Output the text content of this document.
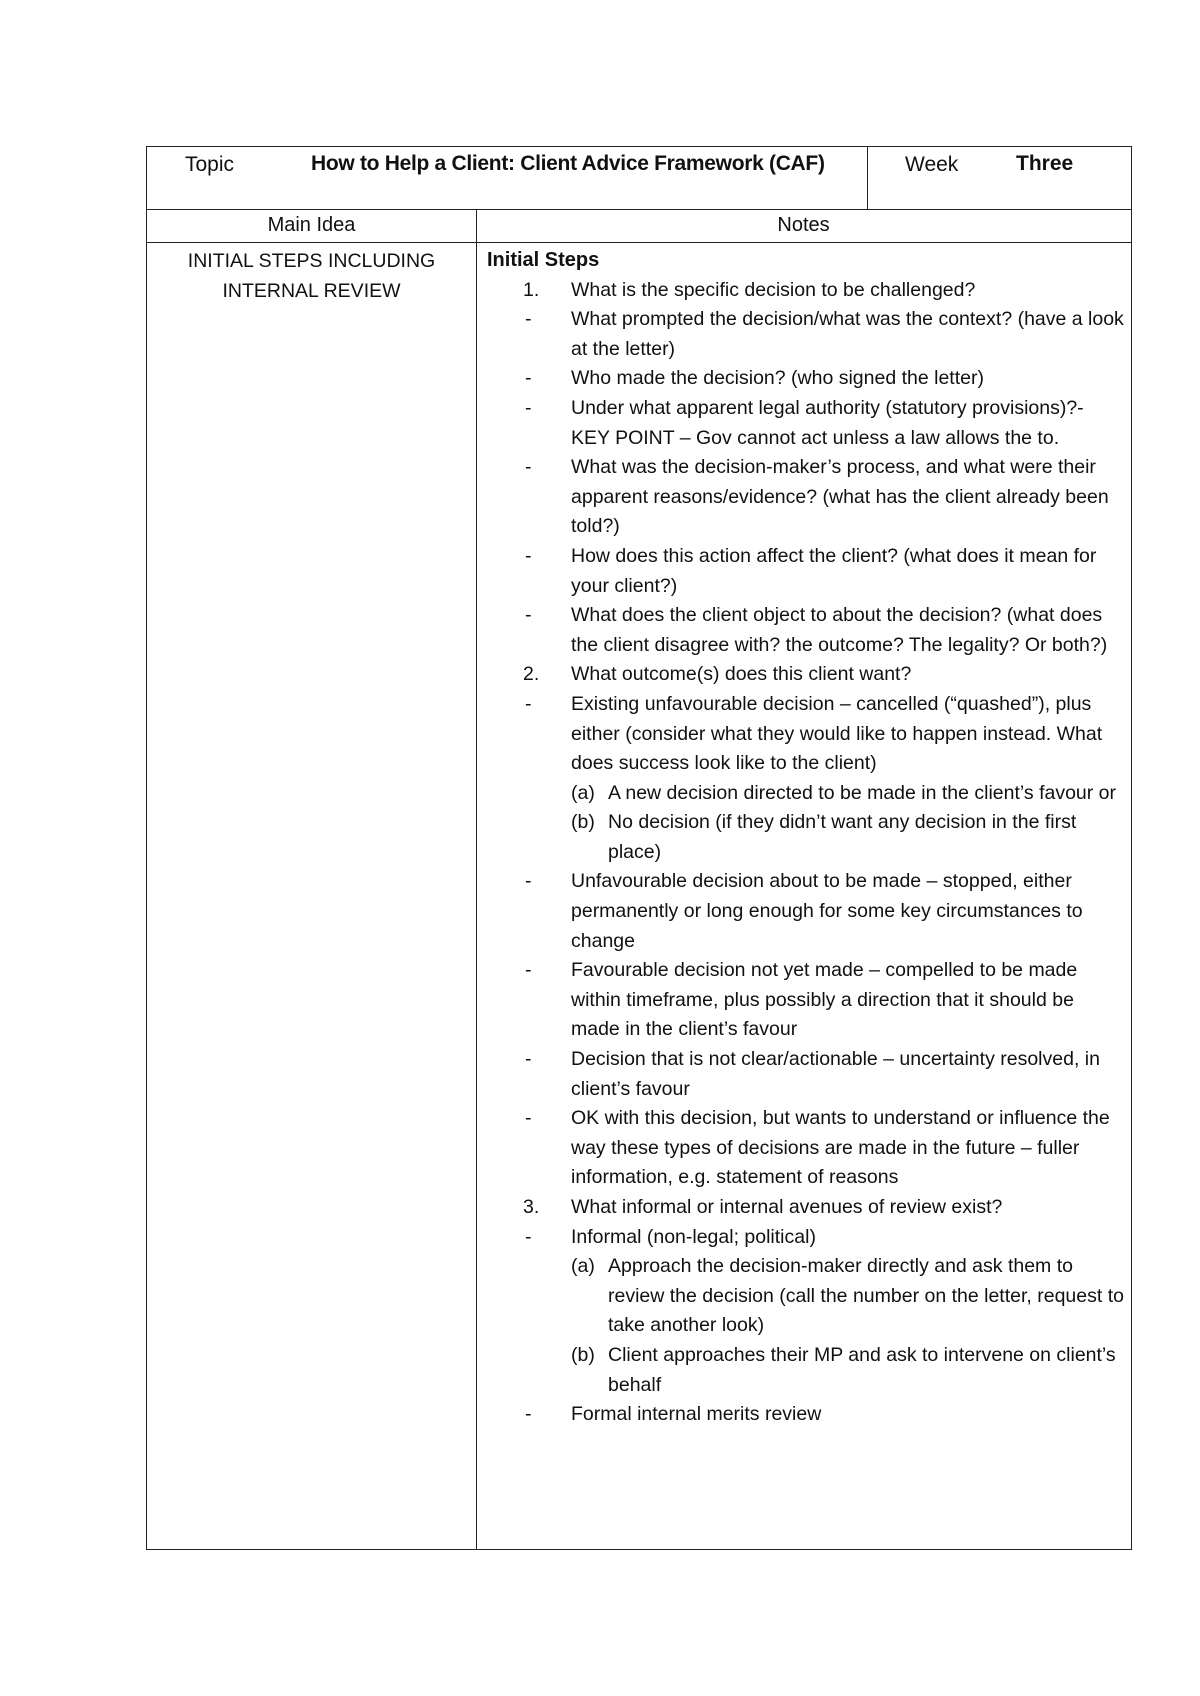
Topic	How to Help a Client: Client Advice Framework (CAF)	Week	Three
Main Idea	Notes
INITIAL STEPS INCLUDING
INTERNAL REVIEW
Initial Steps
1.	What is the specific decision to be challenged?
-	What prompted the decision/what was the context? (have a look at the letter)
-	Who made the decision? (who signed the letter)
-	Under what apparent legal authority (statutory provisions)?- KEY POINT – Gov cannot act unless a law allows the to.
-	What was the decision-maker’s process, and what were their apparent reasons/evidence? (what has the client already been told?)
-	How does this action affect the client? (what does it mean for your client?)
-	What does the client object to about the decision? (what does the client disagree with? the outcome? The legality? Or both?)
2.	What outcome(s) does this client want?
-	Existing unfavourable decision – cancelled (“quashed”), plus either (consider what they would like to happen instead. What does success look like to the client)
(a) A new decision directed to be made in the client’s favour or
(b) No decision (if they didn’t want any decision in the first place)
-	Unfavourable decision about to be made – stopped, either permanently or long enough for some key circumstances to change
-	Favourable decision not yet made – compelled to be made within timeframe, plus possibly a direction that it should be made in the client’s favour
-	Decision that is not clear/actionable – uncertainty resolved, in client’s favour
-	OK with this decision, but wants to understand or influence the way these types of decisions are made in the future – fuller information, e.g. statement of reasons
3.	What informal or internal avenues of review exist?
-	Informal (non-legal; political)
(a) Approach the decision-maker directly and ask them to review the decision (call the number on the letter, request to take another look)
(b) Client approaches their MP and ask to intervene on client’s behalf
-	Formal internal merits review
